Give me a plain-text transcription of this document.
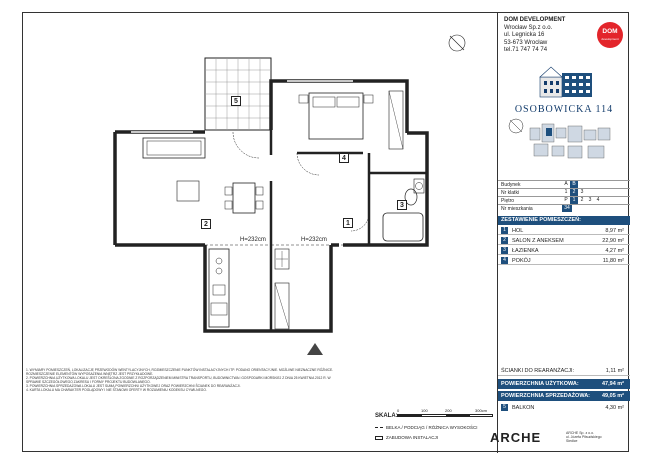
1
2
3
4
5
H=232cm	H=232cm
1. WYMIARY POMIESZCZEŃ, LOKALIZACJE PRZEWODÓW WENTYLACYJNYCH, ROZMIESZCZENIE PUNKTÓW INSTALACYJNYCH ITP. PODANO ORIENTACYJNIE. MOŻLIWE NIEZNACZNE RÓŻNICE. ROZMIESZCZENIE ELEMENTÓW WYPOSAŻENIA WNĘTRZ JEST PRZYKŁADOWE.
2. POWIERZCHNIA UŻYTKOWA LOKALU JEST OKREŚLONA ZGODNIE Z ROZPORZĄDZENIEM MINISTRA TRANSPORTU, BUDOWNICTWA I GOSPODARKI MORSKIEJ Z DNIA 25 KWIETNIA 2012 R. W SPRAWIE SZCZEGÓŁOWEGO ZAKRESU I FORMY PROJEKTU BUDOWLANEGO.
3. POWIERZCHNIA SPRZEDAŻOWA LOKALU JEST SUMĄ POWIERZCHNI UŻYTKOWEJ ORAZ POWIERZCHNI ŚCIANEK DO REARANŻACJI.
4. KARTA LOKALU MA CHARAKTER POGLĄDOWY I NIE STANOWI OFERTY W ROZUMIENIU KODEKSU CYWILNEGO.
SKALA:
0	100	200	300cm
BELKA / PODCIĄG / RÓŻNICA WYSOKOŚCI
ZABUDOWA INSTALACJI
DOM DEVELOPMENT
Wrocław Sp.z o.o.
ul. Legnicka 16
53-673 Wrocław
tel.71 747 74 74
DOM
development
OSOBOWICKA 114
Budynek	A B
Nr klatki	1 2 3
Piętro	P 1 2 3 4
Nr mieszkania	34
ZESTAWIENIE POMIESZCZEŃ:
1	HOL	8,97 m²
2	SALON Z ANEKSEM	22,90 m²
3	ŁAZIENKA	4,27 m²
4	POKÓJ	11,80 m²
ŚCIANKI DO REARANŻACJI:	1,11 m²
POWIERZCHNIA UŻYTKOWA:	47,94 m²
POWIERZCHNIA SPRZEDAŻOWA: 49,05 m²
5	BALKON	4,30 m²
ARCHE	ARCHE Sp. z o.o.
ul. Józefa Piłsudskiego
Siedlce
